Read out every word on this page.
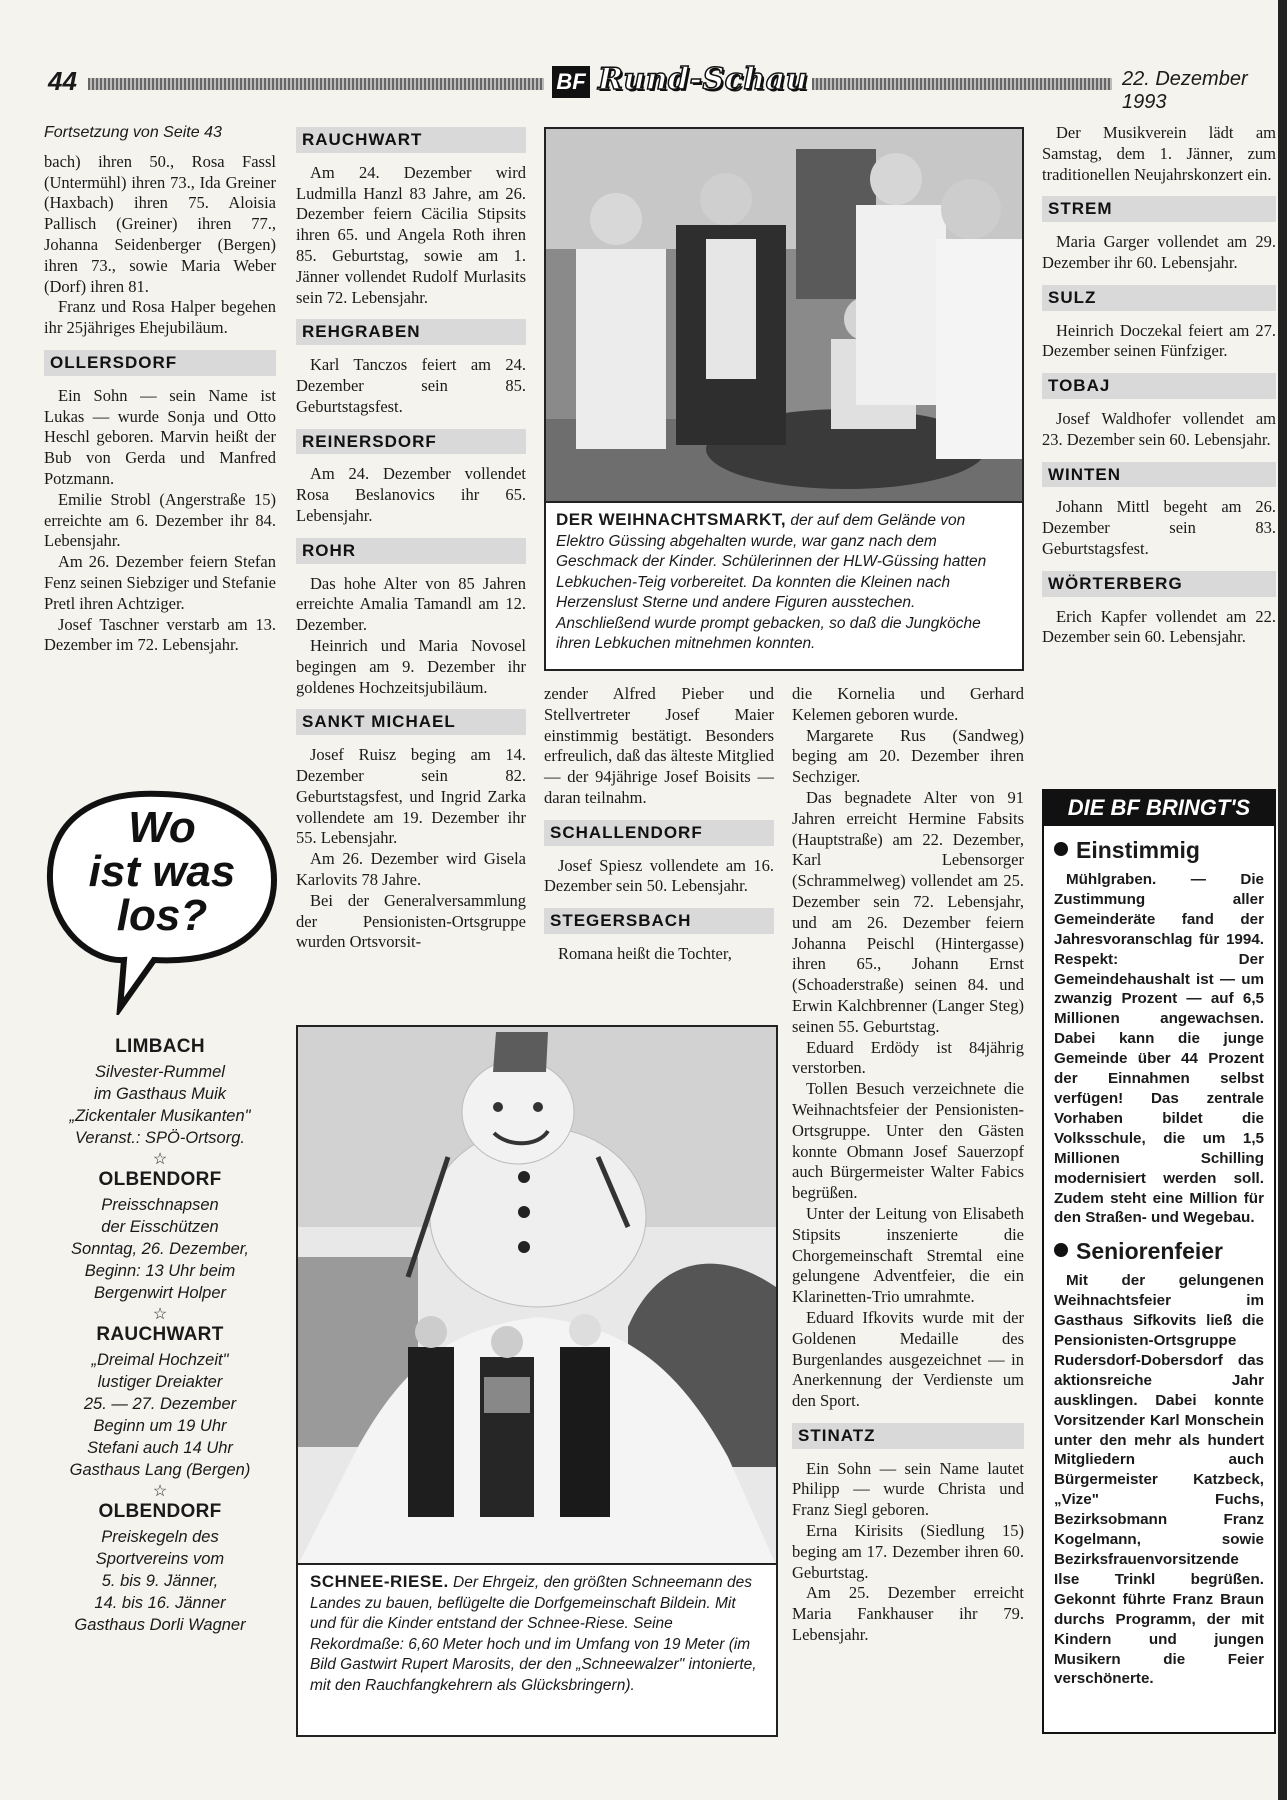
44	BF Rund-Schau	22. Dezember 1993
Fortsetzung von Seite 43

bach) ihren 50., Rosa Fassl (Untermühl) ihren 73., Ida Greiner (Haxbach) ihren 75. Aloisia Pallisch (Greiner) ihren 77., Johanna Seidenberger (Bergen) ihren 73., sowie Maria Weber (Dorf) ihren 81.

Franz und Rosa Halper begehen ihr 25jähriges Ehejubiläum.

OLLERSDORF

Ein Sohn — sein Name ist Lukas — wurde Sonja und Otto Heschl geboren. Marvin heißt der Bub von Gerda und Manfred Potzmann.

Emilie Strobl (Angerstraße 15) erreichte am 6. Dezember ihr 84. Lebensjahr.

Am 26. Dezember feiern Stefan Fenz seinen Siebziger und Stefanie Pretl ihren Achtziger.

Josef Taschner verstarb am 13. Dezember im 72. Lebensjahr.

Wo
ist was
los?
LIMBACH
Silvester-Rummel
im Gasthaus Muik
„Zickentaler Musikanten"
Veranst.: SPÖ-Ortsorg.
☆
OLBENDORF
Preisschnapsen
der Eisschützen
Sonntag, 26. Dezember,
Beginn: 13 Uhr beim
Bergenwirt Holper
☆
RAUCHWART
„Dreimal Hochzeit"
lustiger Dreiakter
25. — 27. Dezember
Beginn um 19 Uhr
Stefani auch 14 Uhr
Gasthaus Lang (Bergen)
☆
OLBENDORF
Preiskegeln des
Sportvereins vom
5. bis 9. Jänner,
14. bis 16. Jänner
Gasthaus Dorli Wagner
RAUCHWART

Am 24. Dezember wird Ludmilla Hanzl 83 Jahre, am 26. Dezember feiern Cäcilia Stipsits ihren 65. und Angela Roth ihren 85. Geburtstag, sowie am 1. Jänner vollendet Rudolf Murlasits sein 72. Lebensjahr.

REHGRABEN

Karl Tanczos feiert am 24. Dezember sein 85. Geburtstagsfest.

REINERSDORF

Am 24. Dezember vollendet Rosa Beslanovics ihr 65. Lebensjahr.

ROHR

Das hohe Alter von 85 Jahren erreichte Amalia Tamandl am 12. Dezember.

Heinrich und Maria Novosel begingen am 9. Dezember ihr goldenes Hochzeitsjubiläum.

SANKT MICHAEL

Josef Ruisz beging am 14. Dezember sein 82. Geburtstagsfest, und Ingrid Zarka vollendete am 19. Dezember ihr 55. Lebensjahr.

Am 26. Dezember wird Gisela Karlovits 78 Jahre.

Bei der Generalversammlung der Pensionisten-Ortsgruppe wurden Ortsvorsit-

DER WEIHNACHTSMARKT, der auf dem Gelände von Elektro Güssing abgehalten wurde, war ganz nach dem Geschmack der Kinder. Schülerinnen der HLW-Güssing hatten Lebkuchen-Teig vorbereitet. Da konnten die Kleinen nach Herzenslust Sterne und andere Figuren ausstechen. Anschließend wurde prompt gebacken, so daß die Jungköche ihren Lebkuchen mitnehmen konnten.

zender Alfred Pieber und Stellvertreter Josef Maier einstimmig bestätigt. Besonders erfreulich, daß das älteste Mitglied — der 94jährige Josef Boisits — daran teilnahm.

SCHALLENDORF

Josef Spiesz vollendete am 16. Dezember sein 50. Lebensjahr.

STEGERSBACH

Romana heißt die Tochter,

die Kornelia und Gerhard Kelemen geboren wurde.

Margarete Rus (Sandweg) beging am 20. Dezember ihren Sechziger.

Das begnadete Alter von 91 Jahren erreicht Hermine Fabsits (Hauptstraße) am 22. Dezember, Karl Lebensorger (Schrammelweg) vollendet am 25. Dezember sein 72. Lebensjahr, und am 26. Dezember feiern Johanna Peischl (Hintergasse) ihren 65., Johann Ernst (Schoaderstraße) seinen 84. und Erwin Kalchbrenner (Langer Steg) seinen 55. Geburtstag.

Eduard Erdödy ist 84jährig verstorben.

Tollen Besuch verzeichnete die Weihnachtsfeier der Pensionisten-Ortsgruppe. Unter den Gästen konnte Obmann Josef Sauerzopf auch Bürgermeister Walter Fabics begrüßen.

Unter der Leitung von Elisabeth Stipsits inszenierte die Chorgemeinschaft Stremtal eine gelungene Adventfeier, die ein Klarinetten-Trio umrahmte.

Eduard Ifkovits wurde mit der Goldenen Medaille des Burgenlandes ausgezeichnet — in Anerkennung der Verdienste um den Sport.

STINATZ

Ein Sohn — sein Name lautet Philipp — wurde Christa und Franz Siegl geboren.

Erna Kirisits (Siedlung 15) beging am 17. Dezember ihren 60. Geburtstag.

Am 25. Dezember erreicht Maria Fankhauser ihr 79. Lebensjahr.

SCHNEE-RIESE. Der Ehrgeiz, den größten Schneemann des Landes zu bauen, beflügelte die Dorfgemeinschaft Bildein. Mit und für die Kinder entstand der Schnee-Riese. Seine Rekordmaße: 6,60 Meter hoch und im Umfang von 19 Meter (im Bild Gastwirt Rupert Marosits, der den „Schneewalzer" intonierte, mit den Rauchfangkehrern als Glücksbringern).

Der Musikverein lädt am Samstag, dem 1. Jänner, zum traditionellen Neujahrskonzert ein.

STREM

Maria Garger vollendet am 29. Dezember ihr 60. Lebensjahr.

SULZ

Heinrich Doczekal feiert am 27. Dezember seinen Fünfziger.

TOBAJ

Josef Waldhofer vollendet am 23. Dezember sein 60. Lebensjahr.

WINTEN

Johann Mittl begeht am 26. Dezember sein 83. Geburtstagsfest.

WÖRTERBERG

Erich Kapfer vollendet am 22. Dezember sein 60. Lebensjahr.

DIE BF BRINGT'S
Einstimmig

Mühlgraben. — Die Zustimmung aller Gemeinderäte fand der Jahresvoranschlag für 1994. Respekt: Der Gemeindehaushalt ist — um zwanzig Prozent — auf 6,5 Millionen angewachsen. Dabei kann die junge Gemeinde über 44 Prozent der Einnahmen selbst verfügen! Das zentrale Vorhaben bildet die Volksschule, die um 1,5 Millionen Schilling modernisiert werden soll. Zudem steht eine Million für den Straßen- und Wegebau.

Seniorenfeier

Mit der gelungenen Weihnachtsfeier im Gasthaus Sifkovits ließ die Pensionisten-Ortsgruppe Rudersdorf-Dobersdorf das aktionsreiche Jahr ausklingen. Dabei konnte Vorsitzender Karl Monschein unter den mehr als hundert Mitgliedern auch Bürgermeister Katzbeck, „Vize" Fuchs, Bezirksobmann Franz Kogelmann, sowie Bezirksfrauenvorsitzende Ilse Trinkl begrüßen. Gekonnt führte Franz Braun durchs Programm, der mit Kindern und jungen Musikern die Feier verschönerte.
